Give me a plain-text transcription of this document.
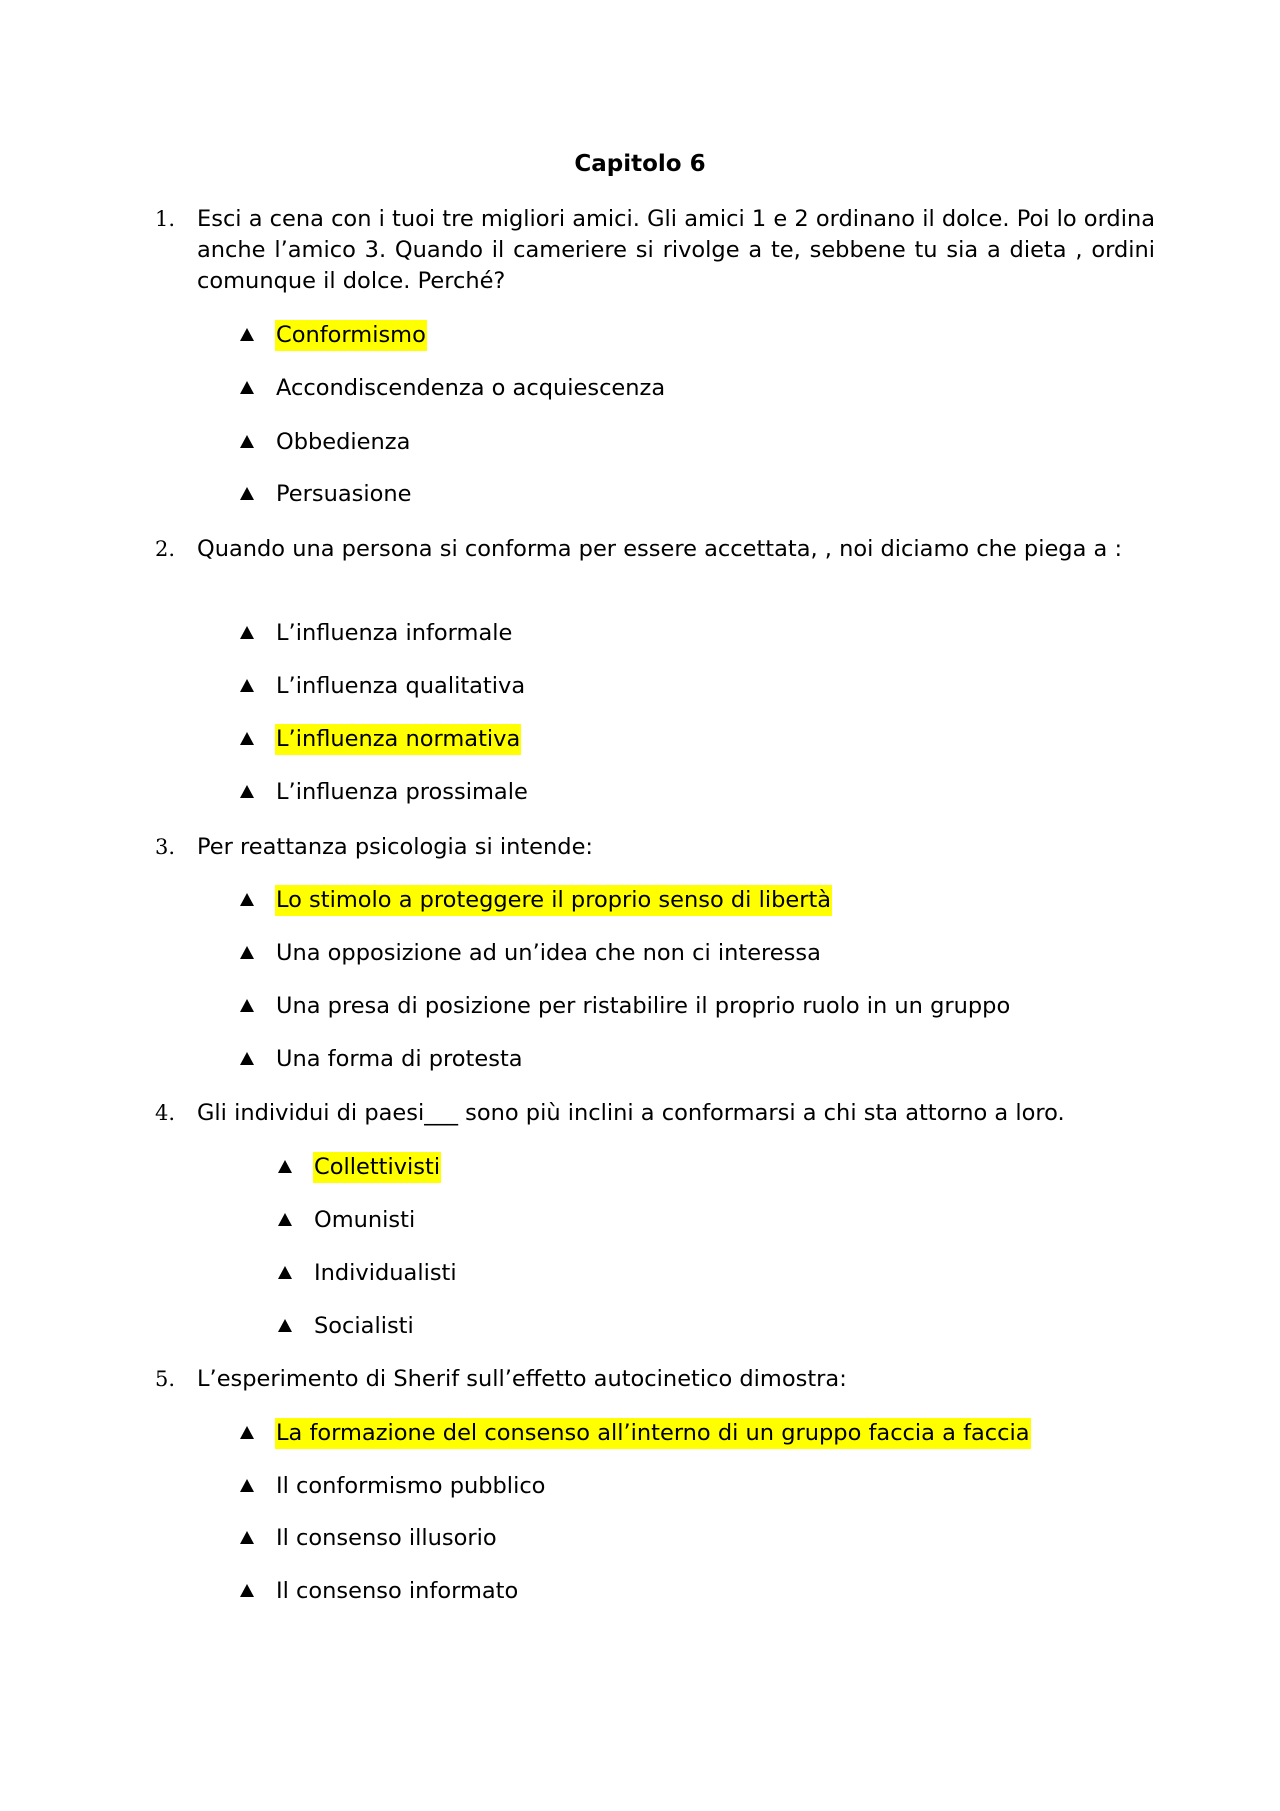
Capitolo 6
1. Esci a cena con i tuoi tre migliori amici. Gli amici 1 e 2 ordinano il dolce. Poi lo ordina anche l’amico 3. Quando il cameriere si rivolge a te, sebbene tu sia a dieta , ordini comunque il dolce. Perché?
Conformismo
Accondiscendenza o acquiescenza
Obbedienza
Persuasione
2. Quando una persona si conforma per essere accettata, , noi diciamo che piega a :
L’influenza informale
L’influenza qualitativa
L’influenza normativa
L’influenza prossimale
3. Per reattanza psicologia si intende:
Lo stimolo a proteggere il proprio senso di libertà
Una opposizione ad un’idea che non ci interessa
Una presa di posizione per ristabilire il proprio ruolo in un gruppo
Una forma di protesta
4. Gli individui di paesi___ sono più inclini a conformarsi a chi sta attorno a loro.
Collettivisti
Omunisti
Individualisti
Socialisti
5. L’esperimento di Sherif sull’effetto autocinetico dimostra:
La formazione del consenso all’interno di un gruppo faccia a faccia
Il conformismo pubblico
Il consenso illusorio
Il consenso informato
